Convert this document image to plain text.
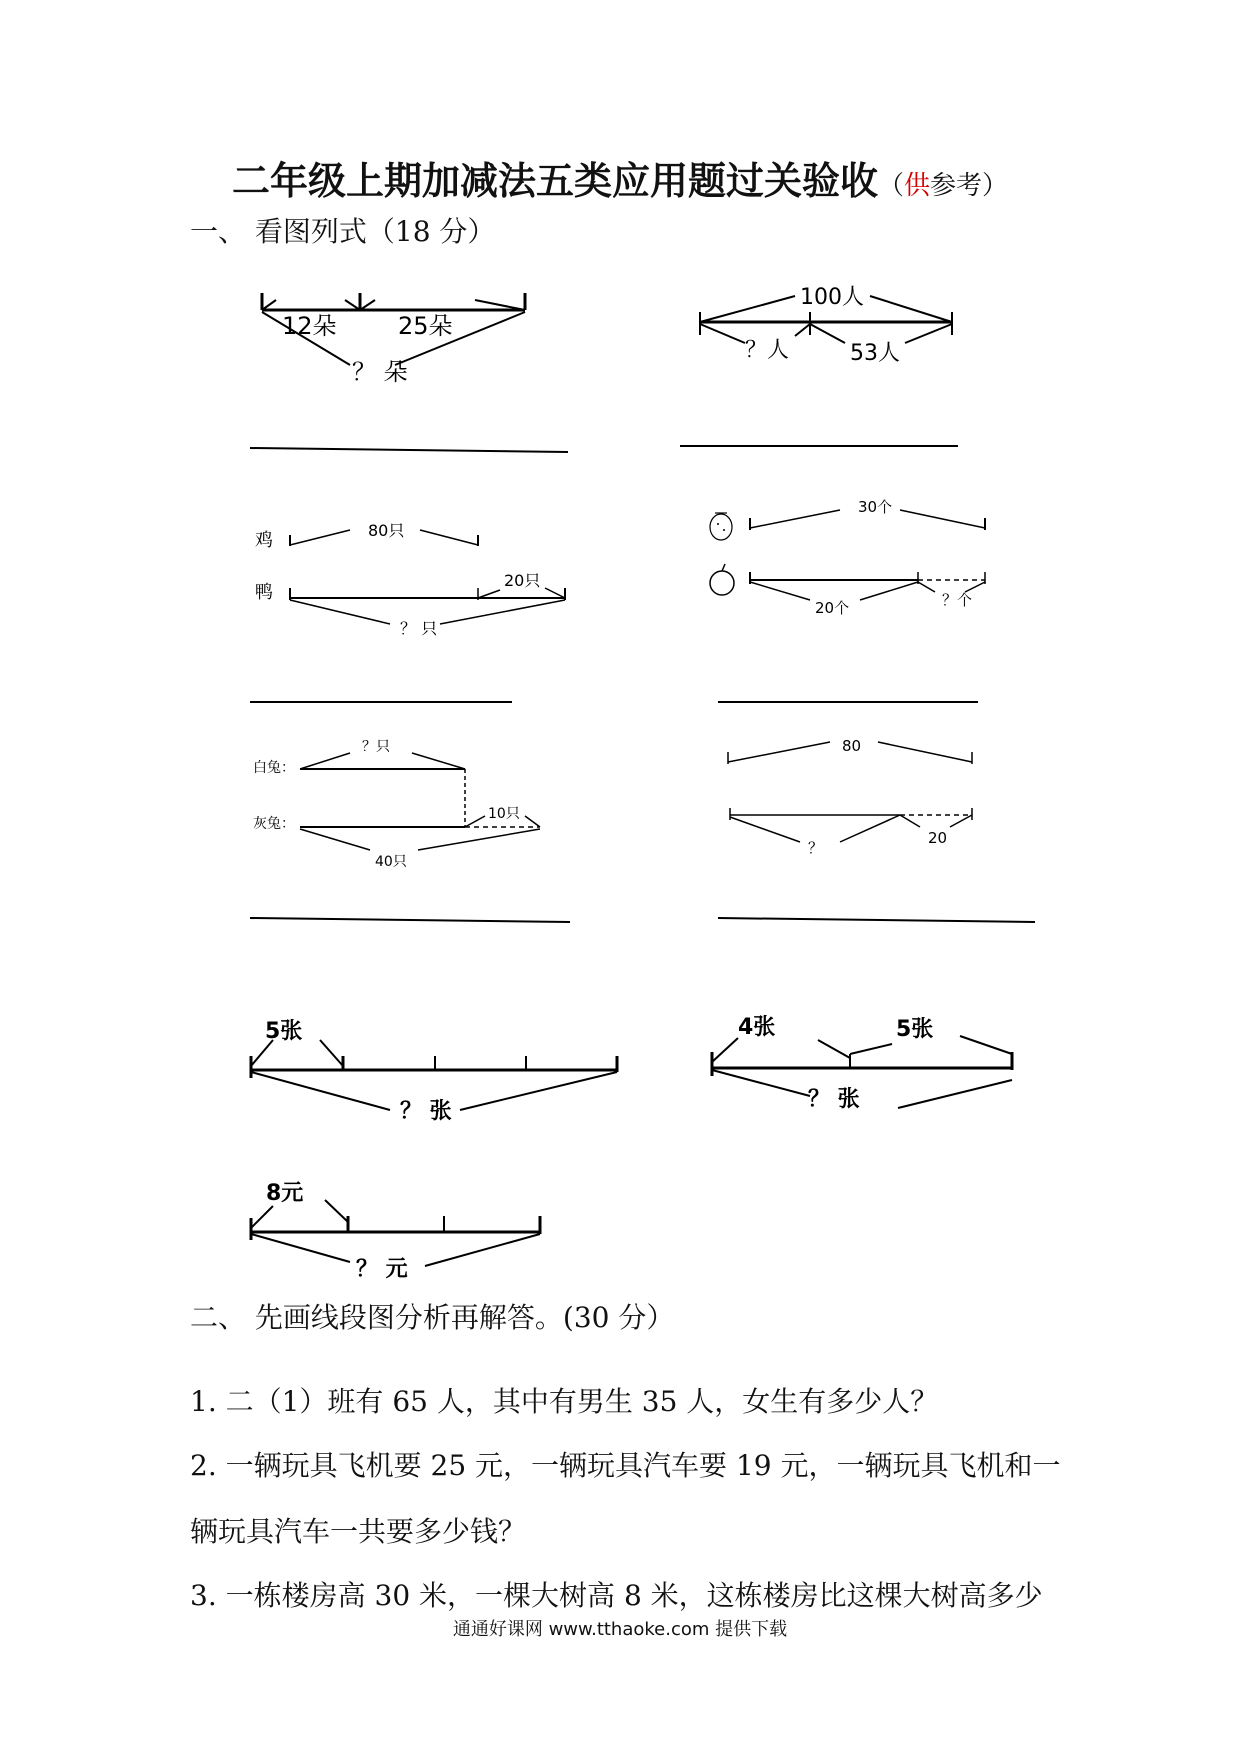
二年级上期加减法五类应用题过关验收（供参考）
一、 看图列式（18 分）
12朵	25朵
？ 朵
100人
？人	53人
鸡
鸭
80只
20只
？ 只
30个
20个	？个
白兔：
灰兔：
？只
10只
40只
80
？
20
5张
？ 张
4张	5张
？ 张
8元
？ 元
二、 先画线段图分析再解答。(30 分）
1. 二（1）班有 65 人，其中有男生 35 人，女生有多少人？
2. 一辆玩具飞机要 25 元，一辆玩具汽车要 19 元，一辆玩具飞机和一
辆玩具汽车一共要多少钱？
3. 一栋楼房高 30 米，一棵大树高 8 米，这栋楼房比这棵大树高多少
通通好课网 www.tthaoke.com 提供下载
